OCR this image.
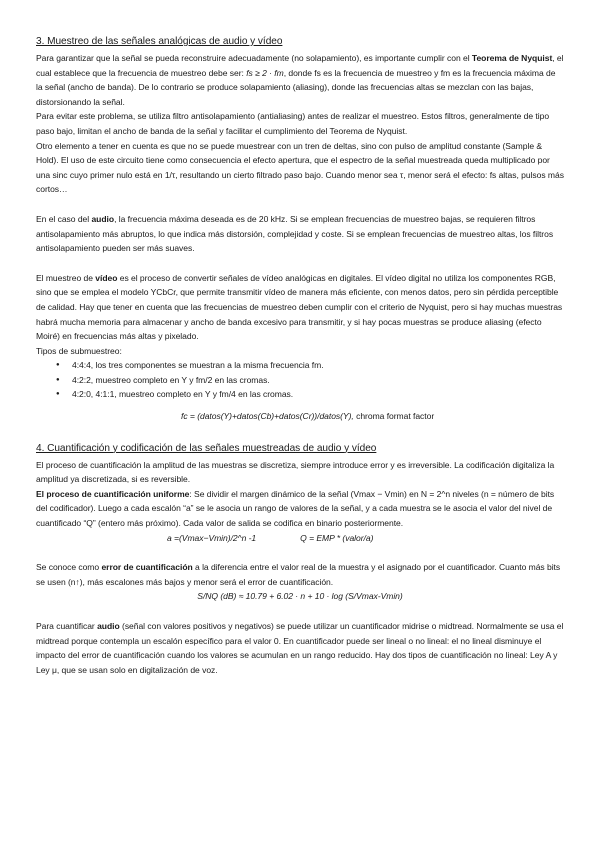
3. Muestreo de las señales analógicas de audio y vídeo

Para garantizar que la señal se pueda reconstruire adecuadamente (no solapamiento), es importante cumplir con el Teorema de Nyquist, el cual establece que la frecuencia de muestreo debe ser: fs ≥ 2 · fm, donde fs es la frecuencia de muestreo y fm es la frecuencia máxima de la señal (ancho de banda). De lo contrario se produce solapamiento (aliasing), donde las frecuencias altas se mezclan con las bajas, distorsionando la señal.

Para evitar este problema, se utiliza filtro antisolapamiento (antialiasing) antes de realizar el muestreo. Estos filtros, generalmente de tipo paso bajo, limitan el ancho de banda de la señal y facilitar el cumplimiento del Teorema de Nyquist.

Otro elemento a tener en cuenta es que no se puede muestrear con un tren de deltas, sino con pulso de amplitud constante (Sample & Hold). El uso de este circuito tiene como consecuencia el efecto apertura, que el espectro de la señal muestreada queda multiplicado por una sinc cuyo primer nulo está en 1/τ, resultando un cierto filtrado paso bajo. Cuando menor sea τ, menor será el efecto: fs altas, pulsos más cortos…

En el caso del audio, la frecuencia máxima deseada es de 20 kHz. Si se emplean frecuencias de muestreo bajas, se requieren filtros antisolapamiento más abruptos, lo que indica más distorsión, complejidad y coste. Si se emplean frecuencias de muestreo altas, los filtros antisolapamiento pueden ser más suaves.

El muestreo de vídeo es el proceso de convertir señales de vídeo analógicas en digitales. El vídeo digital no utiliza los componentes RGB, sino que se emplea el modelo YCbCr, que permite transmitir vídeo de manera más eficiente, con menos datos, pero sin pérdida perceptible de calidad. Hay que tener en cuenta que las frecuencias de muestreo deben cumplir con el criterio de Nyquist, pero si hay muchas muestras habrá mucha memoria para almacenar y ancho de banda excesivo para transmitir, y si hay pocas muestras se produce aliasing (efecto Moiré) en frecuencias más altas y pixelado.

Tipos de submuestreo:

● 4:4:4, los tres componentes se muestran a la misma frecuencia fm.
● 4:2:2, muestreo completo en Y y fm/2 en las cromas.
● 4:2:0, 4:1:1, muestreo completo en Y y fm/4 en las cromas.

fc = (datos(Y)+datos(Cb)+datos(Cr))/datos(Y), chroma format factor

4. Cuantificación y codificación de las señales muestreadas de audio y vídeo

El proceso de cuantificación la amplitud de las muestras se discretiza, siempre introduce error y es irreversible. La codificación digitaliza la amplitud ya discretizada, si es reversible.

El proceso de cuantificación uniforme: Se dividir el margen dinámico de la señal (Vmax − Vmin) en N = 2^n niveles (n = número de bits del codificador). Luego a cada escalón “a” se le asocia un rango de valores de la señal, y a cada muestra se le asocia el valor del nivel de cuantificado “Q” (entero más próximo). Cada valor de salida se codifica en binario posteriormente.

a =(Vmax−Vmin)/2^n -1	Q = EMP * (valor/a)

Se conoce como error de cuantificación a la diferencia entre el valor real de la muestra y el asignado por el cuantificador. Cuanto más bits se usen (n↑), más escalones más bajos y menor será el error de cuantificación.

S/NQ (dB) ≈ 10.79 + 6.02 · n + 10 · log (S/Vmax-Vmin)

Para cuantificar audio (señal con valores positivos y negativos) se puede utilizar un cuantificador midrise o midtread. Normalmente se usa el midtread porque contempla un escalón específico para el valor 0. En cuantificador puede ser lineal o no lineal: el no lineal disminuye el impacto del error de cuantificación cuando los valores se acumulan en un rango reducido. Hay dos tipos de cuantificación no lineal: Ley A y Ley μ, que se usan solo en digitalización de voz.
